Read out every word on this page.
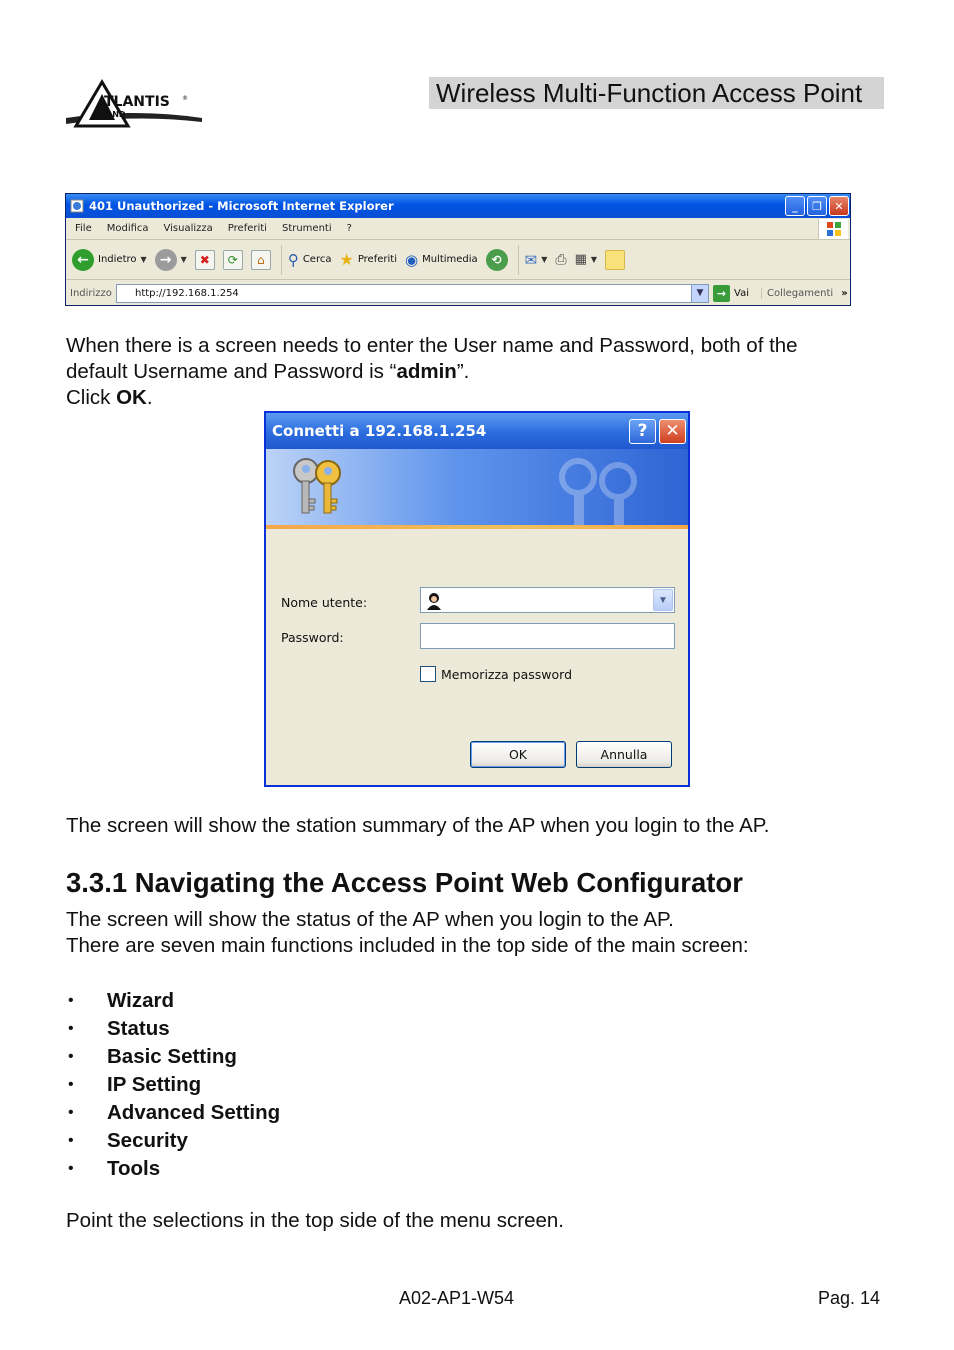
TLANTIS ®
AND
Wireless Multi-Function Access Point
401 Unauthorized - Microsoft Internet Explorer	_	❐	✕
File Modifica Visualizza Preferiti Strumenti ?
← Indietro ▼ →	▼	✖	⟳	⌂	⚲ Cerca ★ Preferiti ◉ Multimedia	⟲	✉ ▼ ⎙ ▦ ▼
Indirizzo	http://192.168.1.254	▼	→ Vai	Collegamenti »
When there is a screen needs to enter the User name and Password, both of the
default Username and Password is “admin”.
Click OK.
Connetti a 192.168.1.254	?	✕
Nome utente:	▼
Password:
Memorizza password
OK	Annulla
The screen will show the station summary of the AP when you login to the AP.
3.3.1 Navigating the Access Point Web Configurator
The screen will show the status of the AP when you login to the AP.
There are seven main functions included in the top side of the main screen:
•	Wizard
•	Status
•	Basic Setting
•	IP Setting
•	Advanced Setting
•	Security
•	Tools
Point the selections in the top side of the menu screen.
A02-AP1-W54	Pag. 14
